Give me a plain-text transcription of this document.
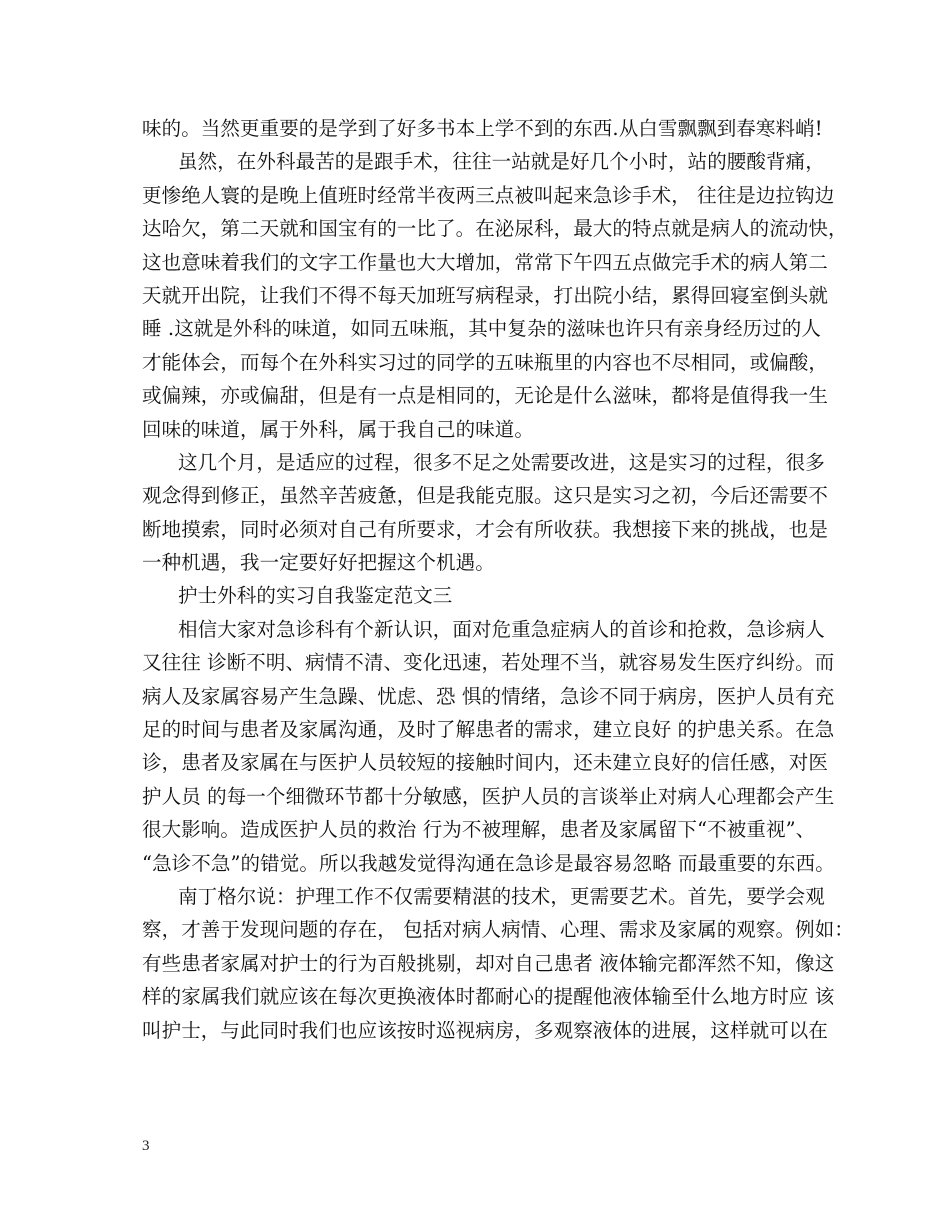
味的。当然更重要的是学到了好多书本上学不到的东西.从白雪飘飘到春寒料峭!
虽然，在外科最苦的是跟手术，往往一站就是好几个小时，站的腰酸背痛，
更惨绝人寰的是晚上值班时经常半夜两三点被叫起来急诊手术， 往往是边拉钩边
达哈欠，第二天就和国宝有的一比了。在泌尿科，最大的特点就是病人的流动快，
这也意味着我们的文字工作量也大大增加，常常下午四五点做完手术的病人第二
天就开出院，让我们不得不每天加班写病程录，打出院小结，累得回寝室倒头就
睡 .这就是外科的味道，如同五味瓶，其中复杂的滋味也许只有亲身经历过的人
才能体会，而每个在外科实习过的同学的五味瓶里的内容也不尽相同，或偏酸，
或偏辣，亦或偏甜，但是有一点是相同的，无论是什么滋味，都将是值得我一生
回味的味道，属于外科，属于我自己的味道。
这几个月，是适应的过程，很多不足之处需要改进，这是实习的过程，很多
观念得到修正，虽然辛苦疲惫，但是我能克服。这只是实习之初，今后还需要不
断地摸索，同时必须对自己有所要求，才会有所收获。我想接下来的挑战，也是
一种机遇，我一定要好好把握这个机遇。
护士外科的实习自我鉴定范文三
相信大家对急诊科有个新认识，面对危重急症病人的首诊和抢救，急诊病人
又往往 诊断不明、病情不清、变化迅速，若处理不当，就容易发生医疗纠纷。而
病人及家属容易产生急躁、忧虑、恐 惧的情绪，急诊不同于病房，医护人员有充
足的时间与患者及家属沟通，及时了解患者的需求，建立良好 的护患关系。在急
诊，患者及家属在与医护人员较短的接触时间内，还未建立良好的信任感，对医
护人员 的每一个细微环节都十分敏感，医护人员的言谈举止对病人心理都会产生
很大影响。造成医护人员的救治 行为不被理解，患者及家属留下“不被重视”、
“急诊不急”的错觉。所以我越发觉得沟通在急诊是最容易忽略 而最重要的东西。
南丁格尔说：护理工作不仅需要精湛的技术，更需要艺术。首先，要学会观
察，才善于发现问题的存在， 包括对病人病情、心理、需求及家属的观察。例如：
有些患者家属对护士的行为百般挑剔，却对自己患者 液体输完都浑然不知，像这
样的家属我们就应该在每次更换液体时都耐心的提醒他液体输至什么地方时应 该
叫护士，与此同时我们也应该按时巡视病房，多观察液体的进展，这样就可以在
3
